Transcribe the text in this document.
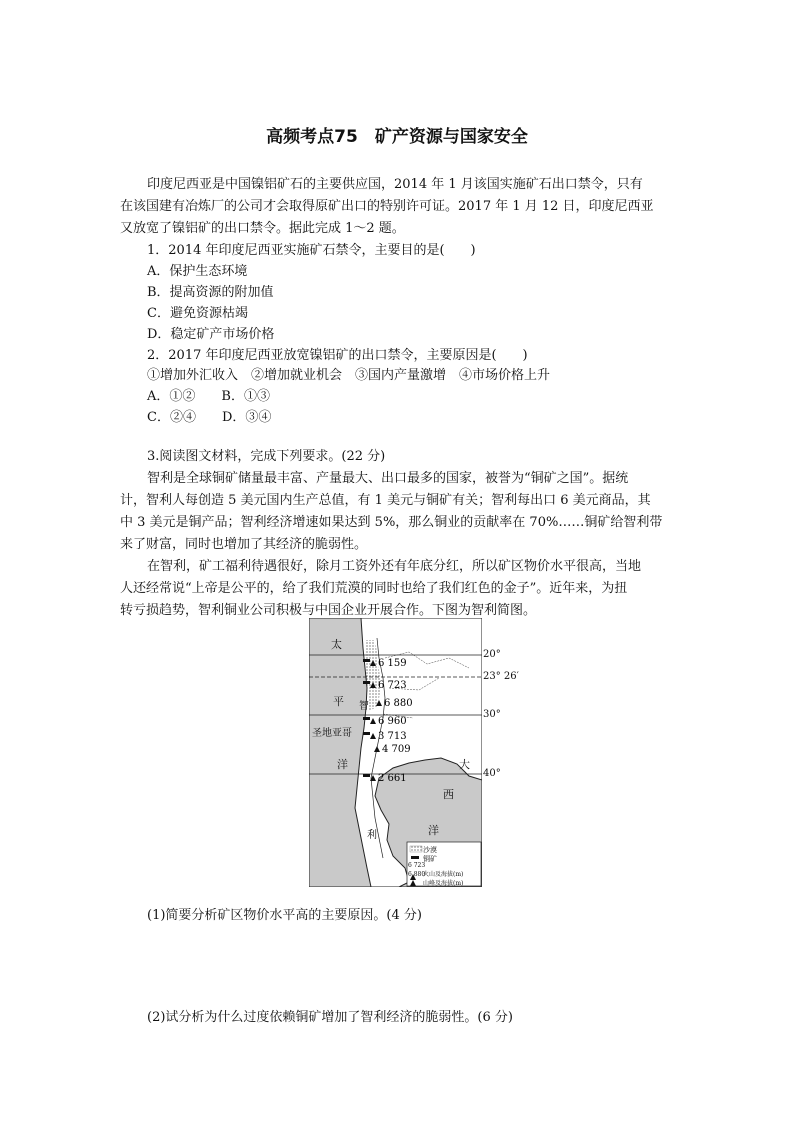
高频考点75　矿产资源与国家安全
印度尼西亚是中国镍铝矿石的主要供应国，2014 年 1 月该国实施矿石出口禁令，只有
在该国建有冶炼厂的公司才会取得原矿出口的特别许可证。2017 年 1 月 12 日，印度尼西亚
又放宽了镍铝矿的出口禁令。据此完成 1～2 题。
1．2014 年印度尼西亚实施矿石禁令，主要目的是(　　)
A．保护生态环境
B．提高资源的附加值
C．避免资源枯竭
D．稳定矿产市场价格
2．2017 年印度尼西亚放宽镍铝矿的出口禁令，主要原因是(　　)
①增加外汇收入　②增加就业机会　③国内产量激增　④市场价格上升
A．①②　　B．①③
C．②④　　D．③④
3.阅读图文材料，完成下列要求。(22 分)
智利是全球铜矿储量最丰富、产量最大、出口最多的国家，被誉为“铜矿之国”。据统
计，智利人每创造 5 美元国内生产总值，有 1 美元与铜矿有关；智利每出口 6 美元商品，其
中 3 美元是铜产品；智利经济增速如果达到 5%，那么铜业的贡献率在 70%……铜矿给智利带
来了财富，同时也增加了其经济的脆弱性。
在智利，矿工福利待遇很好，除月工资外还有年底分红，所以矿区物价水平很高，当地
人还经常说“上帝是公平的，给了我们荒漠的同时也给了我们红色的金子”。近年来，为扭
转亏损趋势，智利铜业公司积极与中国企业开展合作。下图为智利简图。
6 159
6 723
6 880
6 960
3 713
4 709
2 661
太
平
洋	大
西
洋
智
利
圣地亚哥
20°
23° 26′
30°
40°
沙漠
铜矿
6 723
火山及海拔(m)
6 880
山峰及海拔(m)
(1)简要分析矿区物价水平高的主要原因。(4 分)
(2)试分析为什么过度依赖铜矿增加了智利经济的脆弱性。(6 分)
